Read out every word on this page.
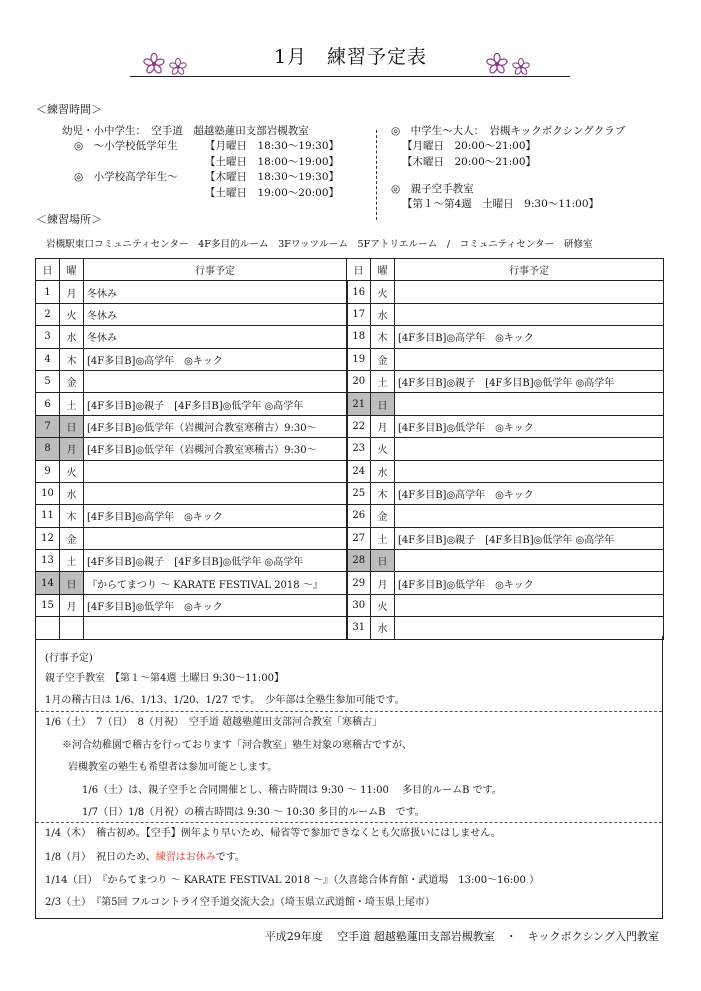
1月　練習予定表
＜練習時間＞
幼児・小中学生：　空手道　超越塾蓮田支部岩槻教室
◎　～小学校低学年生	【月曜日　18:30～19:30】
【土曜日　18:00～19:00】
◎　小学校高学年生～	【木曜日　18:30～19:30】
【土曜日　19:00～20:00】
◎　中学生～大人：　岩槻キックボクシングクラブ
【月曜日　20:00～21:00】
【木曜日　20:00～21:00】
◎　親子空手教室
【第１～第4週　土曜日　9:30～11:00】
＜練習場所＞
岩槻駅東口コミュニティセンター　4F多目的ルーム　3Fワッツルーム　5Fアトリエルーム　/　コミュニティセンター　研修室
日	曜	行事予定	日	曜	行事予定
1	月	冬休み	16	火	
2	火	冬休み	17	水	
3	水	冬休み	18	木	[4F多目B]◎高学年　◎キック
4	木	[4F多目B]◎高学年　◎キック	19	金	
5	金		20	土	[4F多目B]◎親子　[4F多目B]◎低学年 ◎高学年
6	土	[4F多目B]◎親子　[4F多目B]◎低学年 ◎高学年	21	日	
7	日	[4F多目B]◎低学年（岩槻河合教室寒稽古）9:30～	22	月	[4F多目B]◎低学年　◎キック
8	月	[4F多目B]◎低学年（岩槻河合教室寒稽古）9:30～	23	火	
9	火		24	水	
10	水		25	木	[4F多目B]◎高学年　◎キック
11	木	[4F多目B]◎高学年　◎キック	26	金	
12	金		27	土	[4F多目B]◎親子　[4F多目B]◎低学年 ◎高学年
13	土	[4F多目B]◎親子　[4F多目B]◎低学年 ◎高学年	28	日	
14	日	『からてまつり ～ KARATE FESTIVAL 2018 ～』	29	月	[4F多目B]◎低学年　◎キック
15	月	[4F多目B]◎低学年　◎キック	30	火	
			31	水	
(行事予定)
親子空手教室　【第１～第4週 土曜日 9:30～11:00】
1月の稽古日は 1/6、1/13、1/20、1/27 です。　少年部は全塾生参加可能です。
1/6（土）　7（日）　8（月祝）　空手道 超越塾蓮田支部河合教室「寒稽古」
※河合幼稚園で稽古を行っております「河合教室」塾生対象の寒稽古ですが、
岩槻教室の塾生も希望者は参加可能とします。
1/6（土）は、親子空手と合同開催とし、稽古時間は 9:30 ～ 11:00　 多目的ルームB です。
1/7（日）1/8（月祝）の稽古時間は 9:30 ～ 10:30 多目的ルームB　です。
1/4（木）　稽古初め。【空手】例年より早いため、帰省等で参加できなくとも欠席扱いにはしません。
1/8（月）　祝日のため、練習はお休みです。
1/14（日）　『からてまつり ～ KARATE FESTIVAL 2018 ～』（久喜総合体育館・武道場　13:00～16:00 ）
2/3（土）　『第5回 フルコントライ空手道交流大会』（埼玉県立武道館・埼玉県上尾市）
平成29年度　 空手道 超越塾蓮田支部岩槻教室　・　キックボクシング入門教室
